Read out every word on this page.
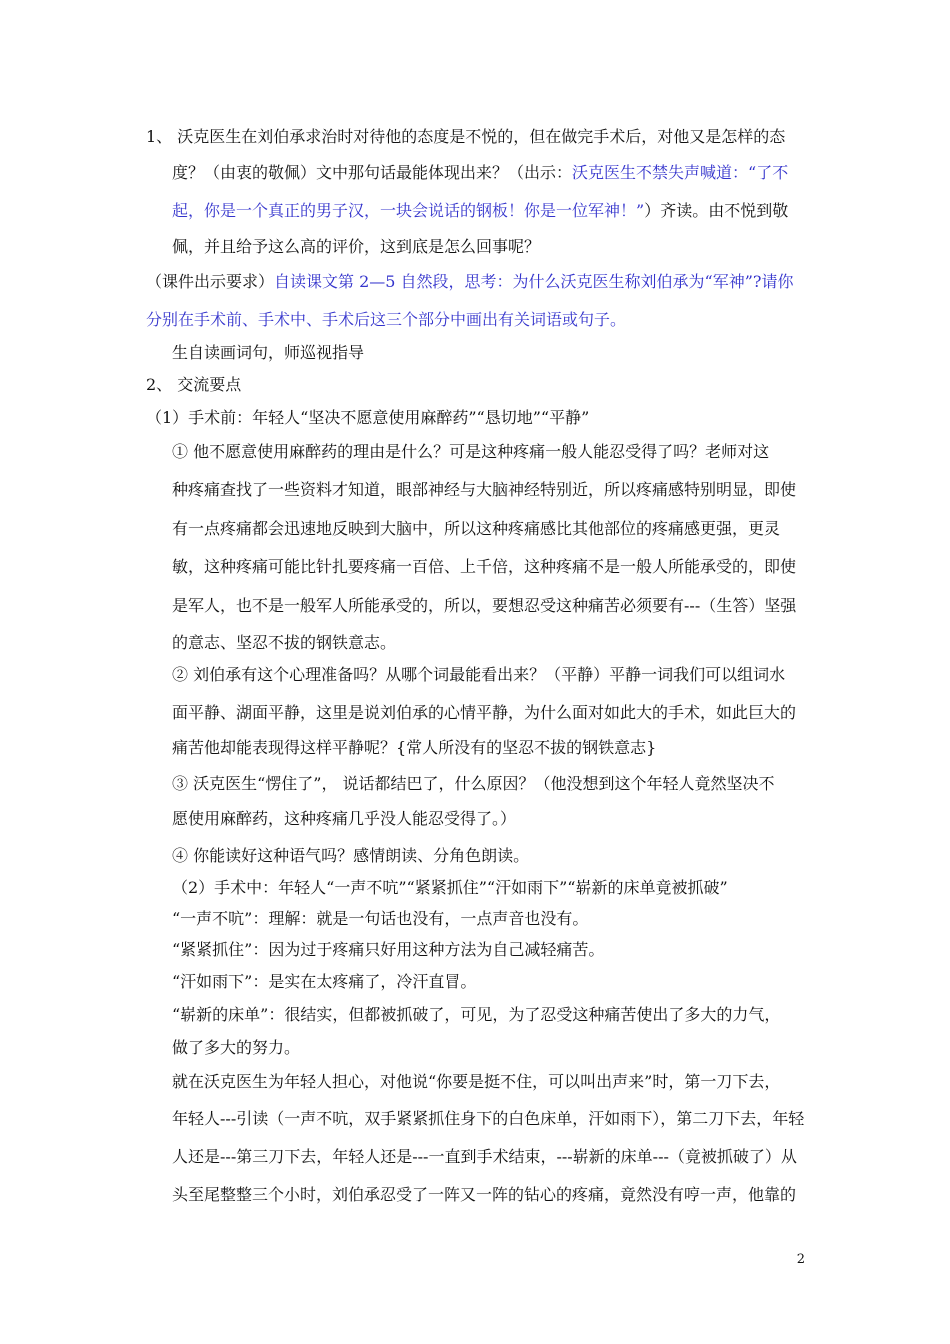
1、 沃克医生在刘伯承求治时对待他的态度是不悦的，但在做完手术后，对他又是怎样的态
度？（由衷的敬佩）文中那句话最能体现出来？（出示：沃克医生不禁失声喊道：“了不
起，你是一个真正的男子汉，一块会说话的钢板！你是一位军神！”）齐读。由不悦到敬
佩，并且给予这么高的评价，这到底是怎么回事呢？
（课件出示要求）自读课文第 2—5 自然段，思考：为什么沃克医生称刘伯承为“军神”?请你
分别在手术前、手术中、手术后这三个部分中画出有关词语或句子。
生自读画词句，师巡视指导
2、 交流要点
（1）手术前：年轻人“坚决不愿意使用麻醉药”“恳切地”“平静”
① 他不愿意使用麻醉药的理由是什么？可是这种疼痛一般人能忍受得了吗？老师对这
种疼痛查找了一些资料才知道，眼部神经与大脑神经特别近，所以疼痛感特别明显，即使
有一点疼痛都会迅速地反映到大脑中，所以这种疼痛感比其他部位的疼痛感更强，更灵
敏，这种疼痛可能比针扎要疼痛一百倍、上千倍，这种疼痛不是一般人所能承受的，即使
是军人，也不是一般军人所能承受的，所以，要想忍受这种痛苦必须要有---（生答）坚强
的意志、坚忍不拔的钢铁意志。
② 刘伯承有这个心理准备吗？从哪个词最能看出来？（平静）平静一词我们可以组词水
面平静、湖面平静，这里是说刘伯承的心情平静，为什么面对如此大的手术，如此巨大的
痛苦他却能表现得这样平静呢？{常人所没有的坚忍不拔的钢铁意志}
③ 沃克医生“愣住了”， 说话都结巴了，什么原因？（他没想到这个年轻人竟然坚决不
愿使用麻醉药，这种疼痛几乎没人能忍受得了。）
④ 你能读好这种语气吗？感情朗读、分角色朗读。
（2）手术中：年轻人“一声不吭”“紧紧抓住”“汗如雨下”“崭新的床单竟被抓破”
“一声不吭”：理解：就是一句话也没有，一点声音也没有。
“紧紧抓住”：因为过于疼痛只好用这种方法为自己减轻痛苦。
“汗如雨下”：是实在太疼痛了，冷汗直冒。
“崭新的床单”：很结实，但都被抓破了，可见，为了忍受这种痛苦使出了多大的力气，
做了多大的努力。
就在沃克医生为年轻人担心，对他说“你要是挺不住，可以叫出声来”时，第一刀下去，
年轻人---引读（一声不吭，双手紧紧抓住身下的白色床单，汗如雨下），第二刀下去，年轻
人还是---第三刀下去，年轻人还是---一直到手术结束，---崭新的床单---（竟被抓破了）从
头至尾整整三个小时，刘伯承忍受了一阵又一阵的钻心的疼痛，竟然没有哼一声，他靠的
2
